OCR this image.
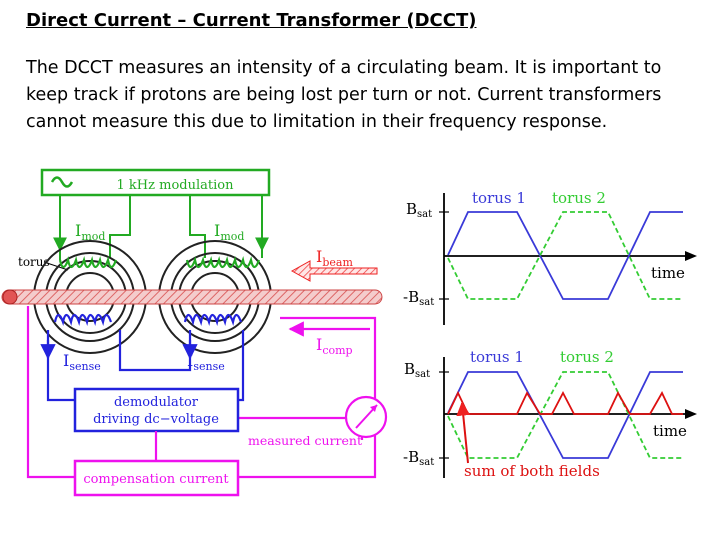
Direct Current – Current Transformer (DCCT)

The DCCT measures an intensity of a circulating beam. It is important to keep track if protons are being lost per turn or not. Current transformers cannot measure this due to limitation in their frequency response.

1 kHz modulation
$I_{mod}$	$I_{mod}$
torus	$I_{beam}$
$I_{comp}$
$I_{sense}$	$I_{sense}$
demodulator
driving dc−voltage
measured current
compensation current
$B_{sat}$
$-B_{sat}$
torus 1 torus 2
time
$B_{sat}$
$-B_{sat}$
torus 1 torus 2
time
sum of both fields
